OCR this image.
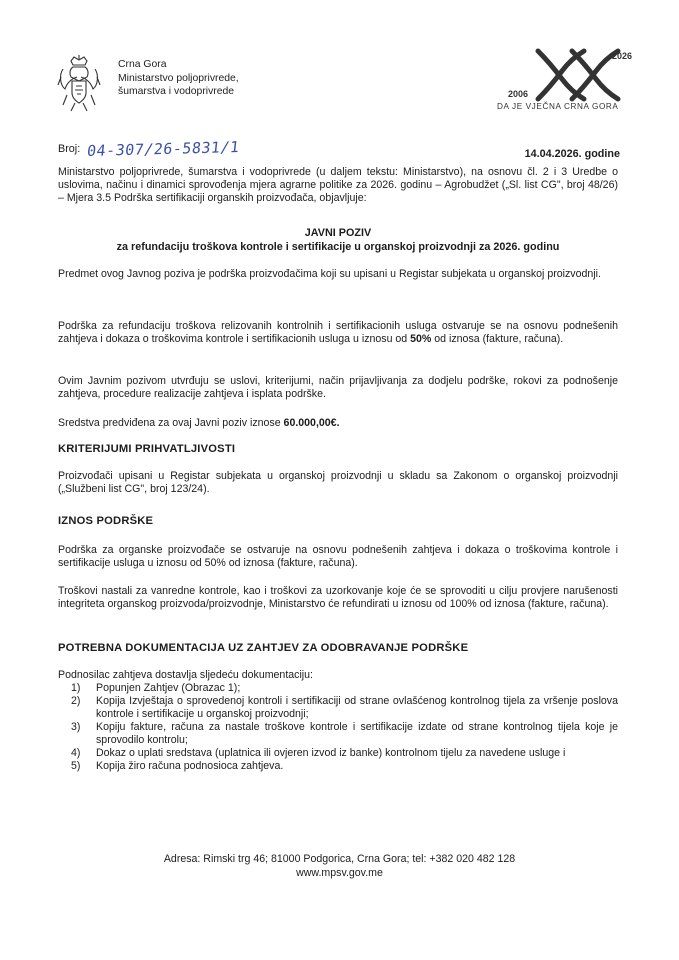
Crna Gora
Ministarstvo poljoprivrede,
šumarstva i vodoprivrede	2006
2026
DA JE VJEČNA CRNA GORA
Broj: 04-307/26-5831/1	14.04.2026. godine

Ministarstvo poljoprivrede, šumarstva i vodoprivrede (u daljem tekstu: Ministarstvo), na osnovu čl. 2 i 3 Uredbe o uslovima, načinu i dinamici sprovođenja mjera agrarne politike za 2026. godinu – Agrobudžet („Sl. list CG", broj 48/26) – Mjera 3.5 Podrška sertifikaciji organskih proizvođača, objavljuje:

JAVNI POZIV
za refundaciju troškova kontrole i sertifikacije u organskoj proizvodnji za 2026. godinu

Predmet ovog Javnog poziva je podrška proizvođačima koji su upisani u Registar subjekata u organskoj proizvodnji.

Podrška za refundaciju troškova relizovanih kontrolnih i sertifikacionih usluga ostvaruje se na osnovu podnešenih zahtjeva i dokaza o troškovima kontrole i sertifikacionih usluga u iznosu od 50% od iznosa (fakture, računa).

Ovim Javnim pozivom utvrđuju se uslovi, kriterijumi, način prijavljivanja za dodjelu podrške, rokovi za podnošenje zahtjeva, procedure realizacije zahtjeva i isplata podrške.

Sredstva predviđena za ovaj Javni poziv iznose 60.000,00€.

KRITERIJUMI PRIHVATLJIVOSTI

Proizvođači upisani u Registar subjekata u organskoj proizvodnji u skladu sa Zakonom o organskoj proizvodnji („Službeni list CG", broj 123/24).

IZNOS PODRŠKE

Podrška za organske proizvođače se ostvaruje na osnovu podnešenih zahtjeva i dokaza o troškovima kontrole i sertifikacije usluga u iznosu od 50% od iznosa (fakture, računa).

Troškovi nastali za vanredne kontrole, kao i troškovi za uzorkovanje koje će se sprovoditi u cilju provjere narušenosti integriteta organskog proizvoda/proizvodnje, Ministarstvo će refundirati u iznosu od 100% od iznosa (fakture, računa).

POTREBNA DOKUMENTACIJA UZ ZAHTJEV ZA ODOBRAVANJE PODRŠKE

Podnosilac zahtjeva dostavlja sljedeću dokumentaciju:

1) Popunjen Zahtjev (Obrazac 1);
2) Kopija Izvještaja o sprovedenoj kontroli i sertifikaciji od strane ovlašćenog kontrolnog tijela za vršenje poslova kontrole i sertifikacije u organskoj proizvodnji;
3) Kopiju fakture, računa za nastale troškove kontrole i sertifikacije izdate od strane kontrolnog tijela koje je sprovodilo kontrolu;
4) Dokaz o uplati sredstava (uplatnica ili ovjeren izvod iz banke) kontrolnom tijelu za navedene usluge i
5) Kopija žiro računa podnosioca zahtjeva.
Adresa: Rimski trg 46; 81000 Podgorica, Crna Gora; tel: +382 020 482 128
www.mpsv.gov.me
